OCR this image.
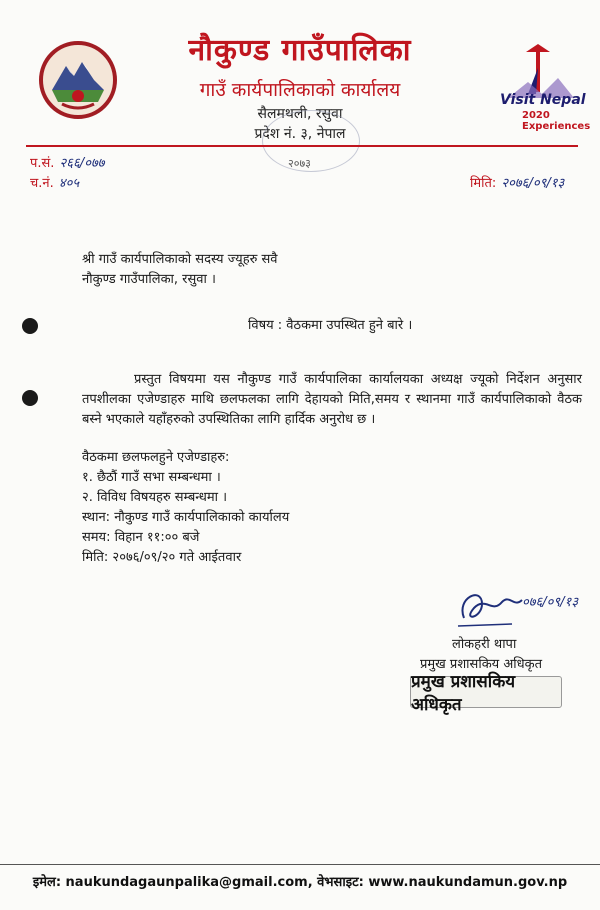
नौकुण्ड गाउँपालिका
गाउँ कार्यपालिकाको कार्यालय
सैलमथली, रसुवा
प्रदेश नं. ३, नेपाल
२०७३
Visit Nepal
2020 Experiences
प.सं. २६६/०७७
च.नं. ४०५	मिति: २०७६/०९/१३
श्री गाउँ कार्यपालिकाको सदस्य ज्यूहरु सवै
नौकुण्ड गाउँपालिका, रसुवा ।
विषय : वैठकमा उपस्थित हुने बारे ।

प्रस्तुत विषयमा यस नौकुण्ड गाउँ कार्यपालिका कार्यालयका अध्यक्ष ज्यूको निर्देशन अनुसार तपशीलका एजेण्डाहरु माथि छलफलका लागि देहायको मिति,समय र स्थानमा गाउँ कार्यपालिकाको वैठक बस्ने भएकाले यहाँहरुको उपस्थितिका लागि हार्दिक अनुरोध छ ।

वैठकमा छलफलहुने एजेण्डाहरु:
१. छैठौं गाउँ सभा सम्बन्धमा ।
२. विविध विषयहरु सम्बन्धमा ।
स्थान: नौकुण्ड गाउँ कार्यपालिकाको कार्यालय
समय: विहान ११:०० बजे
मिति: २०७६/०९/२० गते आईतवार
०७६/०९/१३
लोकहरी थापा
प्रमुख प्रशासकिय अधिकृत
प्रमुख प्रशासकिय अधिकृत
इमेल: naukundagaunpalika@gmail.com, वेभसाइट: www.naukundamun.gov.np
